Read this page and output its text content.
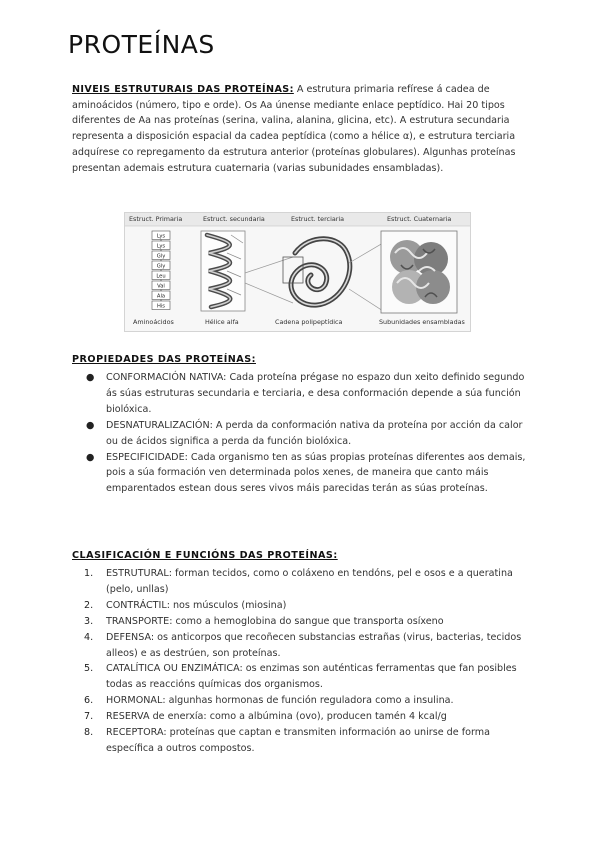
PROTEÍNAS

NIVEIS ESTRUTURAIS DAS PROTEÍNAS: A estrutura primaria refírese á cadea de aminoácidos (número, tipo e orde). Os Aa únense mediante enlace peptídico. Hai 20 tipos diferentes de Aa nas proteínas (serina, valina, alanina, glicina, etc). A estrutura secundaria representa a disposición espacial da cadea peptídica (como a hélice α), e estrutura terciaria adquírese co repregamento da estrutura anterior (proteínas globulares). Algunhas proteínas presentan ademais estrutura cuaternaria (varias subunidades ensambladas).

Lys
Lys
Gly
Gly
Leu
Val
Ala
His
Estruct. Primaria	Estruct. secundaria	Estruct. terciaria	Estruct. Cuaternaria
Aminoácidos	Hélice alfa	Cadena polipeptídica	Subunidades ensambladas
PROPIEDADES DAS PROTEÍNAS:
● CONFORMACIÓN NATIVA: Cada proteína prégase no espazo dun xeito definido segundo ás súas estruturas secundaria e terciaria, e desa conformación depende a súa función biolóxica.
● DESNATURALIZACIÓN: A perda da conformación nativa da proteína por acción da calor ou de ácidos significa a perda da función biolóxica.
● ESPECIFICIDADE: Cada organismo ten as súas propias proteínas diferentes aos demais, pois a súa formación ven determinada polos xenes, de maneira que canto máis emparentados estean dous seres vivos máis parecidas terán as súas proteínas.
CLASIFICACIÓN E FUNCIÓNS DAS PROTEÍNAS:
1. ESTRUTURAL: forman tecidos, como o coláxeno en tendóns, pel e osos e a queratina (pelo, unllas)
2. CONTRÁCTIL: nos músculos (miosina)
3. TRANSPORTE: como a hemoglobina do sangue que transporta osíxeno
4. DEFENSA: os anticorpos que recoñecen substancias estrañas (virus, bacterias, tecidos alleos) e as destrúen, son proteínas.
5. CATALÍTICA OU ENZIMÁTICA: os enzimas son auténticas ferramentas que fan posibles todas as reaccións químicas dos organismos.
6. HORMONAL: algunhas hormonas de función reguladora como a insulina.
7. RESERVA de enerxía: como a albúmina (ovo), producen tamén 4 kcal/g
8. RECEPTORA: proteínas que captan e transmiten información ao unirse de forma específica a outros compostos.
